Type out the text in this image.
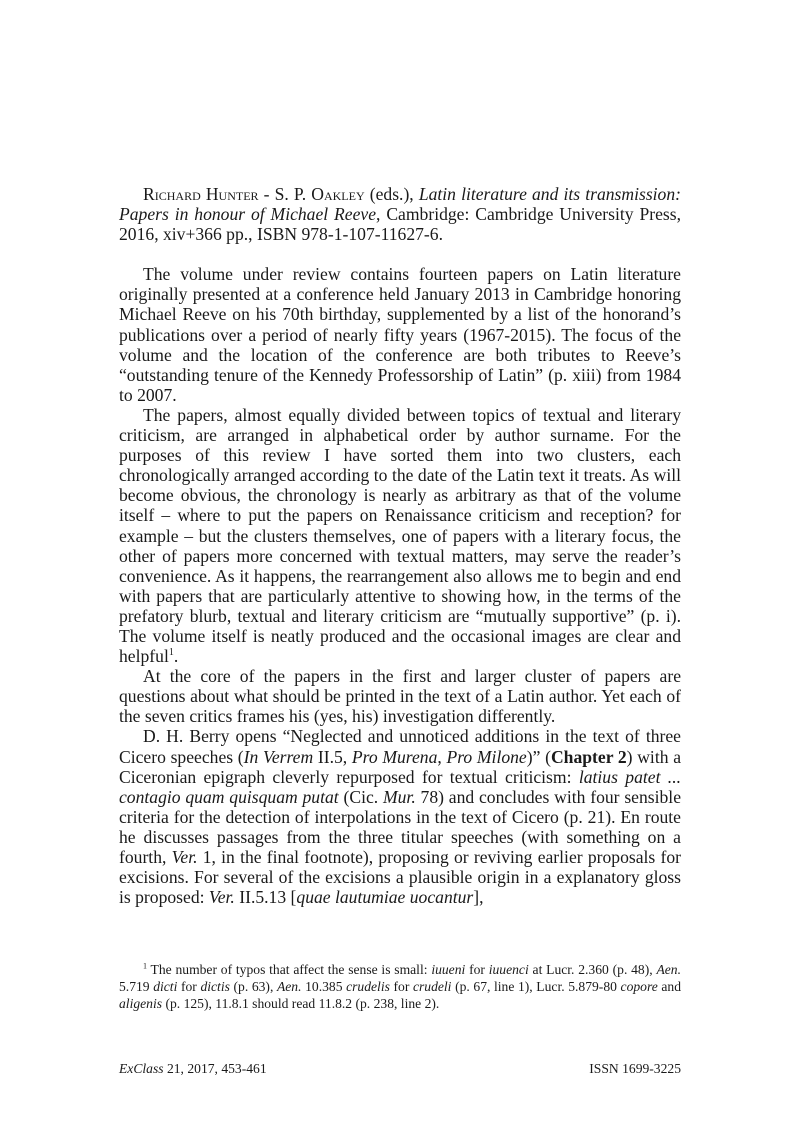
Richard Hunter - S. P. Oakley (eds.), Latin literature and its transmission: Papers in honour of Michael Reeve, Cambridge: Cambridge University Press, 2016, xiv+366 pp., ISBN 978-1-107-11627-6.

The volume under review contains fourteen papers on Latin literature originally presented at a conference held January 2013 in Cambridge honoring Michael Reeve on his 70th birthday, supplemented by a list of the honorand’s publications over a period of nearly fifty years (1967-2015). The focus of the volume and the location of the conference are both tributes to Reeve’s “outstanding tenure of the Kennedy Professorship of Latin” (p. xiii) from 1984 to 2007.

The papers, almost equally divided between topics of textual and literary criticism, are arranged in alphabetical order by author surname. For the purposes of this review I have sorted them into two clusters, each chronologically arranged according to the date of the Latin text it treats. As will become obvious, the chronology is nearly as arbitrary as that of the volume itself – where to put the papers on Renaissance criticism and reception? for example – but the clusters themselves, one of papers with a literary focus, the other of papers more concerned with textual matters, may serve the reader’s convenience. As it happens, the rearrangement also allows me to begin and end with papers that are particularly attentive to showing how, in the terms of the prefatory blurb, textual and literary criticism are “mutually supportive” (p. i). The volume itself is neatly produced and the occasional images are clear and helpful$^1$.

At the core of the papers in the first and larger cluster of papers are questions about what should be printed in the text of a Latin author. Yet each of the seven critics frames his (yes, his) investigation differently.

D. H. Berry opens “Neglected and unnoticed additions in the text of three Cicero speeches (In Verrem II.5, Pro Murena, Pro Milone)” (Chapter 2) with a Ciceronian epigraph cleverly repurposed for textual criticism: latius patet ... contagio quam quisquam putat (Cic. Mur. 78) and concludes with four sensible criteria for the detection of interpolations in the text of Cicero (p. 21). En route he discusses passages from the three titular speeches (with something on a fourth, Ver. 1, in the final footnote), proposing or reviving earlier proposals for excisions. For several of the excisions a plausible origin in a explanatory gloss is proposed: Ver. II.5.13 [quae lautumiae uocantur],

$^1$ The number of typos that affect the sense is small: iuueni for iuuenci at Lucr. 2.360 (p. 48), Aen. 5.719 dicti for dictis (p. 63), Aen. 10.385 crudelis for crudeli (p. 67, line 1), Lucr. 5.879-80 copore and aligenis (p. 125), 11.8.1 should read 11.8.2 (p. 238, line 2).

ExClass 21, 2017, 453-461	ISSN 1699-3225
